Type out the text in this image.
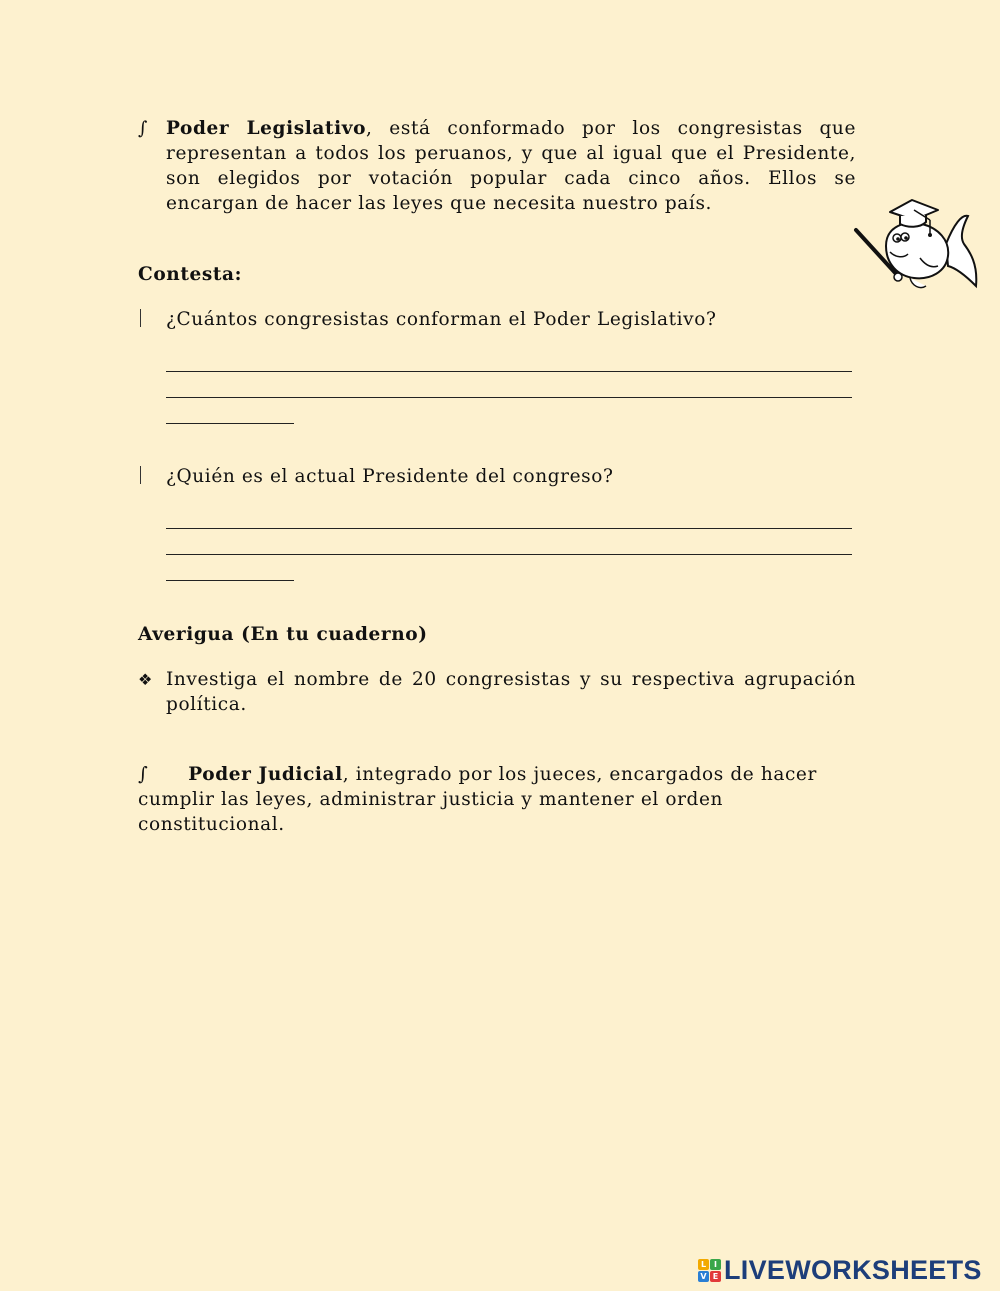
∫ Poder Legislativo, está conformado por los congresistas que representan a todos los peruanos, y que al igual que el Presidente, son elegidos por votación popular cada cinco años. Ellos se encargan de hacer las leyes que necesita nuestro país.
Contesta:
¿Cuántos congresistas conforman el Poder Legislativo?
¿Quién es el actual Presidente del congreso?
Averigua (En tu cuaderno)
❖ Investiga el nombre de 20 congresistas y su respectiva agrupación política.
∫ Poder Judicial, integrado por los jueces, encargados de hacer cumplir las leyes, administrar justicia y mantener el orden constitucional.
L I
V E LIVEWORKSHEETS
